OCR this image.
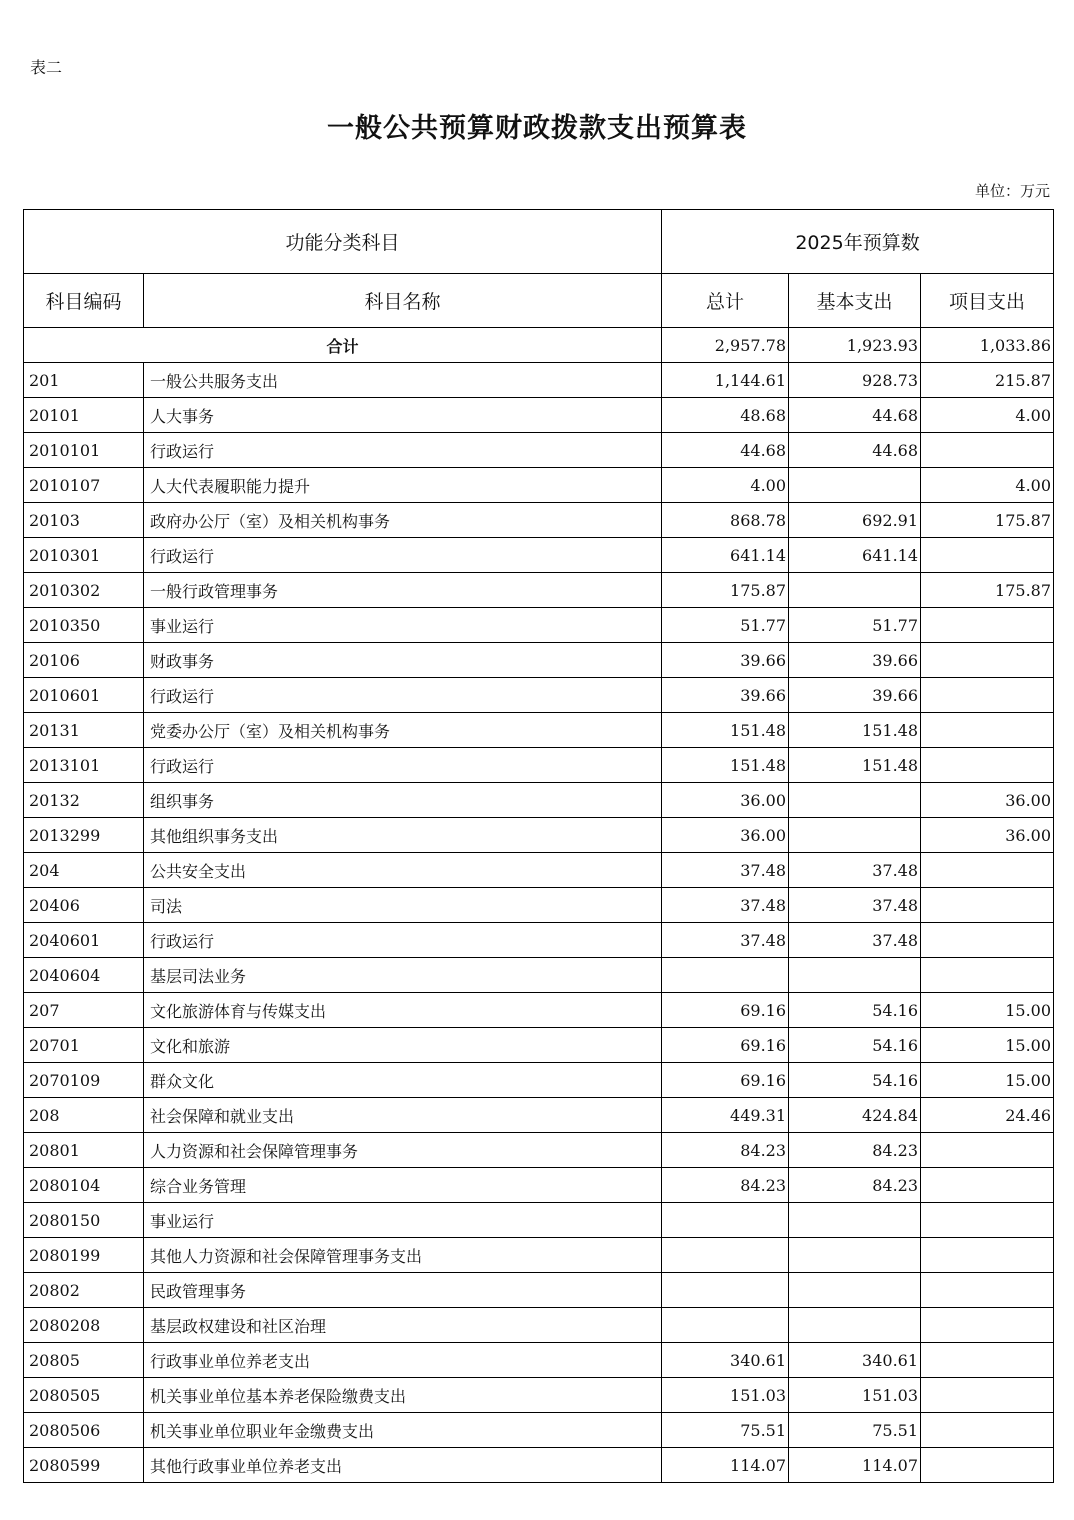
表二
一般公共预算财政拨款支出预算表
单位：万元
功能分类科目		2025年预算数		
科目编码	科目名称	总计	基本支出	项目支出
合计		2,957.78	1,923.93	1,033.86
201	一般公共服务支出	1,144.61	928.73	215.87
20101	人大事务	48.68	44.68	4.00
2010101	行政运行	44.68	44.68	
2010107	人大代表履职能力提升	4.00		4.00
20103	政府办公厅（室）及相关机构事务	868.78	692.91	175.87
2010301	行政运行	641.14	641.14	
2010302	一般行政管理事务	175.87		175.87
2010350	事业运行	51.77	51.77	
20106	财政事务	39.66	39.66	
2010601	行政运行	39.66	39.66	
20131	党委办公厅（室）及相关机构事务	151.48	151.48	
2013101	行政运行	151.48	151.48	
20132	组织事务	36.00		36.00
2013299	其他组织事务支出	36.00		36.00
204	公共安全支出	37.48	37.48	
20406	司法	37.48	37.48	
2040601	行政运行	37.48	37.48	
2040604	基层司法业务			
207	文化旅游体育与传媒支出	69.16	54.16	15.00
20701	文化和旅游	69.16	54.16	15.00
2070109	群众文化	69.16	54.16	15.00
208	社会保障和就业支出	449.31	424.84	24.46
20801	人力资源和社会保障管理事务	84.23	84.23	
2080104	综合业务管理	84.23	84.23	
2080150	事业运行			
2080199	其他人力资源和社会保障管理事务支出			
20802	民政管理事务			
2080208	基层政权建设和社区治理			
20805	行政事业单位养老支出	340.61	340.61	
2080505	机关事业单位基本养老保险缴费支出	151.03	151.03	
2080506	机关事业单位职业年金缴费支出	75.51	75.51	
2080599	其他行政事业单位养老支出	114.07	114.07	
